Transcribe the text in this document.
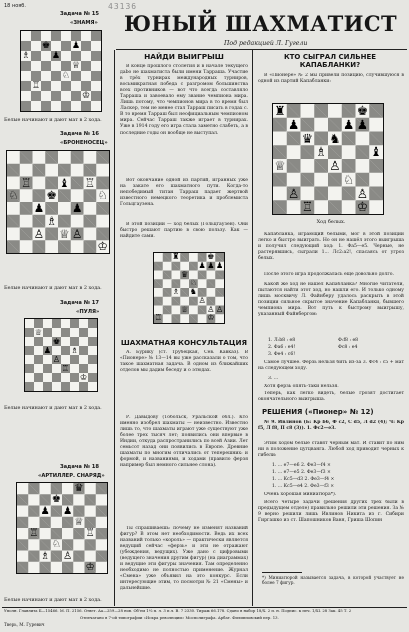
18 нояб.	43136
ЮНЫЙ ШАХМАТИСТ
Под редакцией Л. Гугели
Задача № 15
«ЗНАМЯ»
♚
♕
♖
♔
♟
♘
♗
♟
Белые начинают и дают мат в 2 хода.
Задача № 16
«БРОНЕНОСЕЦ»
♚
♖	♖
♕
♔
♟ ♟
♗
♘	♘
♙ ♙
♝
Белые начинают и дают мат в 2 хода.
Задача № 17
«ПУЛЯ»
♚
♕
♔
♖
♟ ♗
♙
Белые начинают и дают мат в 2 хода.
Задача № 18
«АРТИЛЛЕР. СНАРЯД»
♚
♕
♔
♖	♖
♟ ♟
♘
♗ ♙
♛
Белые начинают и дают мат в 2 хода.
НАЙДИ ВЫИГРЫШ
В конце прошлого столетия и в начале текущего дabo не шахматиста были имени Тарраша. Участие в трёх турнирах международных турниров, восьмикратная победа с разгромом большинства всех противников — вот что всегда составляло Тарраша и завоевало ему звание чемпиона мира. Лишь потому, что чемпионов мира в то время был Ласкер, тем не менее стал Тарраш писать в годах с. В то время Тарраш был неофициальным чемпионом мира. Сейчас Тарраш также играет в турнирах. Уже в 1914 году его игра стала заметно слабеть, а в последние годы он вообще не выступал.
Вот окончание одной из партий, игранных уже на закате его шахматного пути. Когда-то непобедимый титан Тарраш падает жертвой известного немецкого теоретика и проблемиста Гольцгаузена.
В этой позиции — ход белых (Гольцгаузен). Они быстро решают партию в свою пользу. Как — найдите сами.
♚
♜
♟ ♟ ♟
♛
♘
♗
♙
♙ ♙
♖	♔
♕
♞
ШАХМАТНАЯ КОНСУЛЬТАЦИЯ
А. Бурику (ст. Трубецкая, Сев. Кавказ). В «Пионере» № 13—14 вы уже рассказали о том, что такое шахматная задача. В одном из ближайших отделов мы дадим беседу и о этюдах.
Р. Давыдову (Тобольск, Уральской обл.). Кто именно изобрел шахматы — неизвестно. Известно лишь то, что шахматы играют уже существуют уже более трех тысяч лет; появились они впервые в Индии, откуда распространились по всей Азии. Лет семьсот назад они появились в Европе. Древние шахматы по многим отличались от теперешних: и формой, и названиями, и ходами (правило ферзя например был немного сильнее слона).
Ты спрашиваешь: почему не изменят названий фигур? В этом нет необходимости. Ведь их всех названий только «король» — практически является ведущий сейчас «ферзь» и эти не отражают (убеждения, ведущих). Уже дано с цифровыми (ведущего значения другим фигур) (на диаграммах) и ведущие эти фигуры значения. Там определенно необходимо не полностью применение. Журнал «Смена» уже объявил на это конкурс. Если интересующие этим, то посмотри № 21 «Смены» и дальнейшие.
КТО СЫГРАЛ СИЛЬНЕЕ КАПАБЛАНКИ?
В «Пионере» № 2 мы привели позицию, случившуюся в одной из партий Капабланки:
♜	♚
♟	♟ ♟
♛ ♞
♗
♙
♕
♘
♙	♙
♖	♔
♝
Ход белых.
Капабланка, играющий белыми, мог в этой позиции легко и быстро выиграть. Но он не нашёл этого выигрыша и получил следующий ход: 1. Фа5—e5. Черные, не растерявшись, сыграли 1... Лc2:a2!, спасаясь от угроз белых.
После этого игра продолжалась еще довольно долго.
Какой же ход не нашёл Капабланка? Многие читатели, пытаются найти этот ход, но нашли его. И только одному лишь москвичу Л. Файнберу удалось раскрыть в этой позиции сильное скрытое значение Капабланки, бывшего чемпиона мира. Вот путь к быстрому выигрышу, указанный Файнбергом:
1. Л:b8 : e8	Ф:f8 : e8
2. Фa6 : e4!	Фc8 : e4
3. Фe4 : c6!
Самое лучшее. Ферзь нельзя бить из-за 3. Фc4 : с5 + мат на следующем ходу.
3. ...
Хотя ферзь опять-таки нельзя.
Теперь, как легко видеть, белые грозят достигает окончательного выигрыша.
РЕШЕНИЯ («Пионер» № 12)
№ 9. Ивлинов (Б: Kр b6, Ф c2, С d5, Л d2 (4); Ч: Kр f5, Л f8, П c8 (3)). 1. Фc2—e3.
Этим ходом белые ставят черным мат. И ставит по ним ни в положение цугцванга. Любой ход приводит черных к гибели:
1. ... e7—e6 2. Фe3—f4 ×
1. ... e7—e5 2. Фe3—f3 ×
1. ... Kc5—d3 2. Фe3—f4 ×
1. ... Kc5—e4 2. Фe3—f3 ×
Очень хорошая миниатюра*).
Всего четыре задачи (решения других трех были в предыдущем отделе) правильно решили эти решения. За № 9 верно решили лишь Ивлинов Никита из г. Сибири Гиргашко из ст. Шапошников Ваня, Гриша Шопин
*) Миниатюрой называется задача, в которой участвует не более 7 фигур.
Уполн. Главлита Б—15466. М. П. 2156. Ответ. Аа—259—28 нов. Об'ем 1⅛ п. л. 3 п.л. В. 7 2330. Тираж 66.178. Сдано в набор 18/X. 2 п. н. Подпис. к печ. 1/XI. 28 Зак. 45 Т. 2
Отпечатано в 7-ой типографии «Искра революции» Мосполиграфа. Арбат. Филипповский пер. 13.
Тверь, М. Гуревич
